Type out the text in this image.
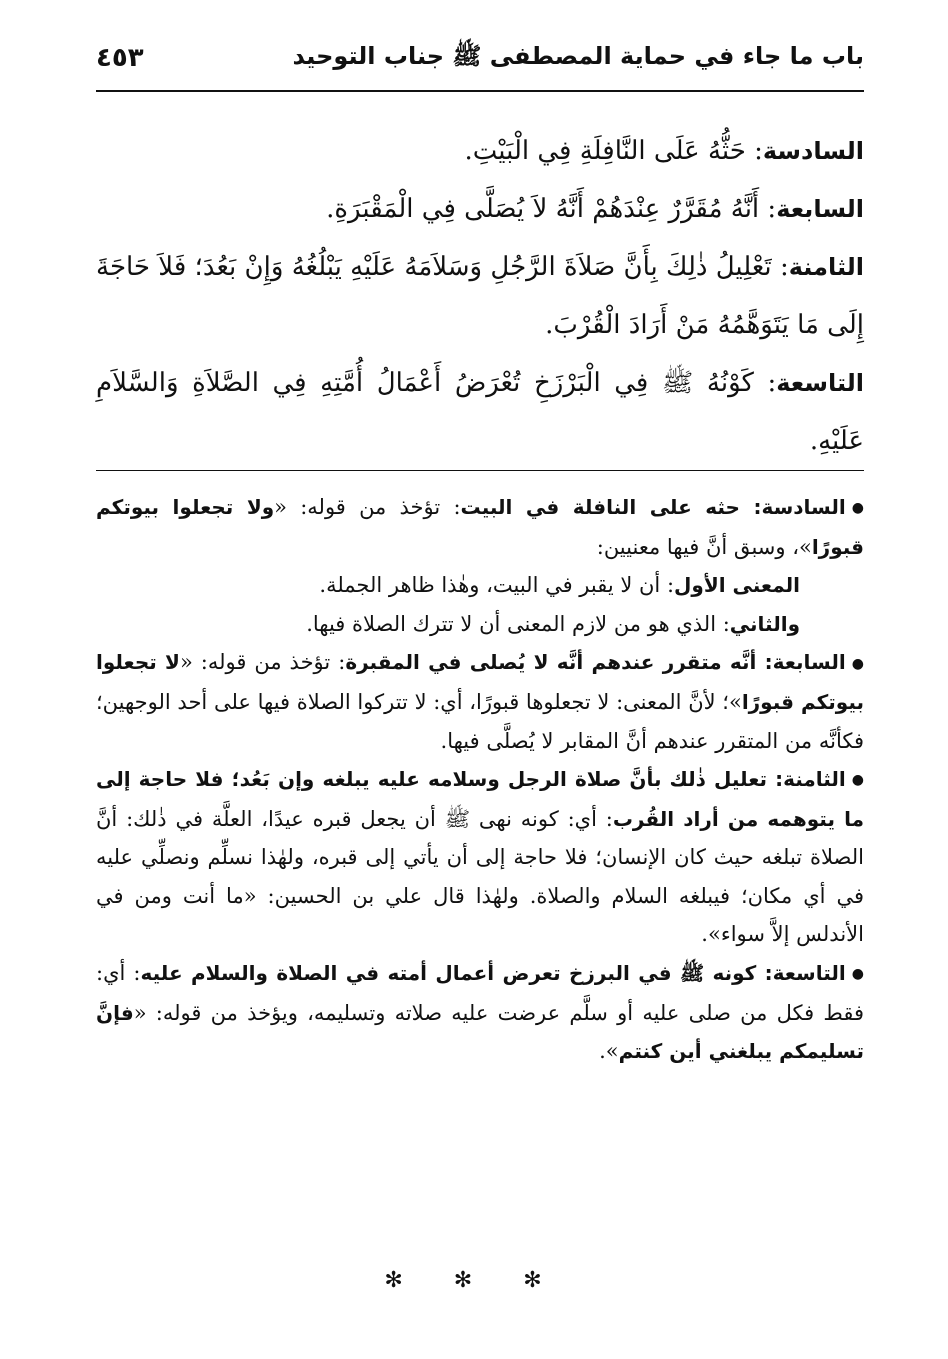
باب ما جاء في حماية المصطفى ﷺ جناب التوحيد
٤٥٣

السادسة: حَثُّهُ عَلَى النَّافِلَةِ فِي الْبَيْتِ.

السابعة: أَنَّهُ مُقَرَّرٌ عِنْدَهُمْ أَنَّهُ لاَ يُصَلَّى فِي الْمَقْبَرَةِ.

الثامنة: تَعْلِيلُ ذٰلِكَ بِأَنَّ صَلاَةَ الرَّجُلِ وَسَلاَمَهُ عَلَيْهِ يَبْلُغُهُ وَإِنْ بَعُدَ؛ فَلاَ حَاجَةَ إِلَى مَا يَتَوَهَّمُهُ مَنْ أَرَادَ الْقُرْبَ.

التاسعة: كَوْنُهُ ﷺ فِي الْبَرْزَخِ تُعْرَضُ أَعْمَالُ أُمَّتِهِ فِي الصَّلاَةِ وَالسَّلاَمِ عَلَيْهِ.

●السادسة: حثه على النافلة في البيت: تؤخذ من قوله: «ولا تجعلوا بيوتكم قبورًا»، وسبق أنَّ فيها معنيين:

المعنى الأول: أن لا يقبر في البيت، وهٰذا ظاهر الجملة.

والثاني: الذي هو من لازم المعنى أن لا تترك الصلاة فيها.

●السابعة: أنَّه متقرر عندهم أنَّه لا يُصلى في المقبرة: تؤخذ من قوله: «لا تجعلوا بيوتكم قبورًا»؛ لأنَّ المعنى: لا تجعلوها قبورًا، أي: لا تتركوا الصلاة فيها على أحد الوجهين؛ فكأنَّه من المتقرر عندهم أنَّ المقابر لا يُصلَّى فيها.

●الثامنة: تعليل ذٰلك بأنَّ صلاة الرجل وسلامه عليه يبلغه وإن بَعُد؛ فلا حاجة إلى ما يتوهمه من أراد القُرب: أي: كونه نهى ﷺ أن يجعل قبره عيدًا، العلَّة في ذٰلك: أنَّ الصلاة تبلغه حيث كان الإنسان؛ فلا حاجة إلى أن يأتي إلى قبره، ولهٰذا نسلِّم ونصلِّي عليه في أي مكان؛ فيبلغه السلام والصلاة. ولهٰذا قال علي بن الحسين: «ما أنت ومن في الأندلس إلاَّ سواء».

●التاسعة: كونه ﷺ في البرزخ تعرض أعمال أمته في الصلاة والسلام عليه: أي: فقط فكل من صلى عليه أو سلَّم عرضت عليه صلاته وتسليمه، ويؤخذ من قوله: «فإنَّ تسليمكم يبلغني أين كنتم».

✻ ✻ ✻
